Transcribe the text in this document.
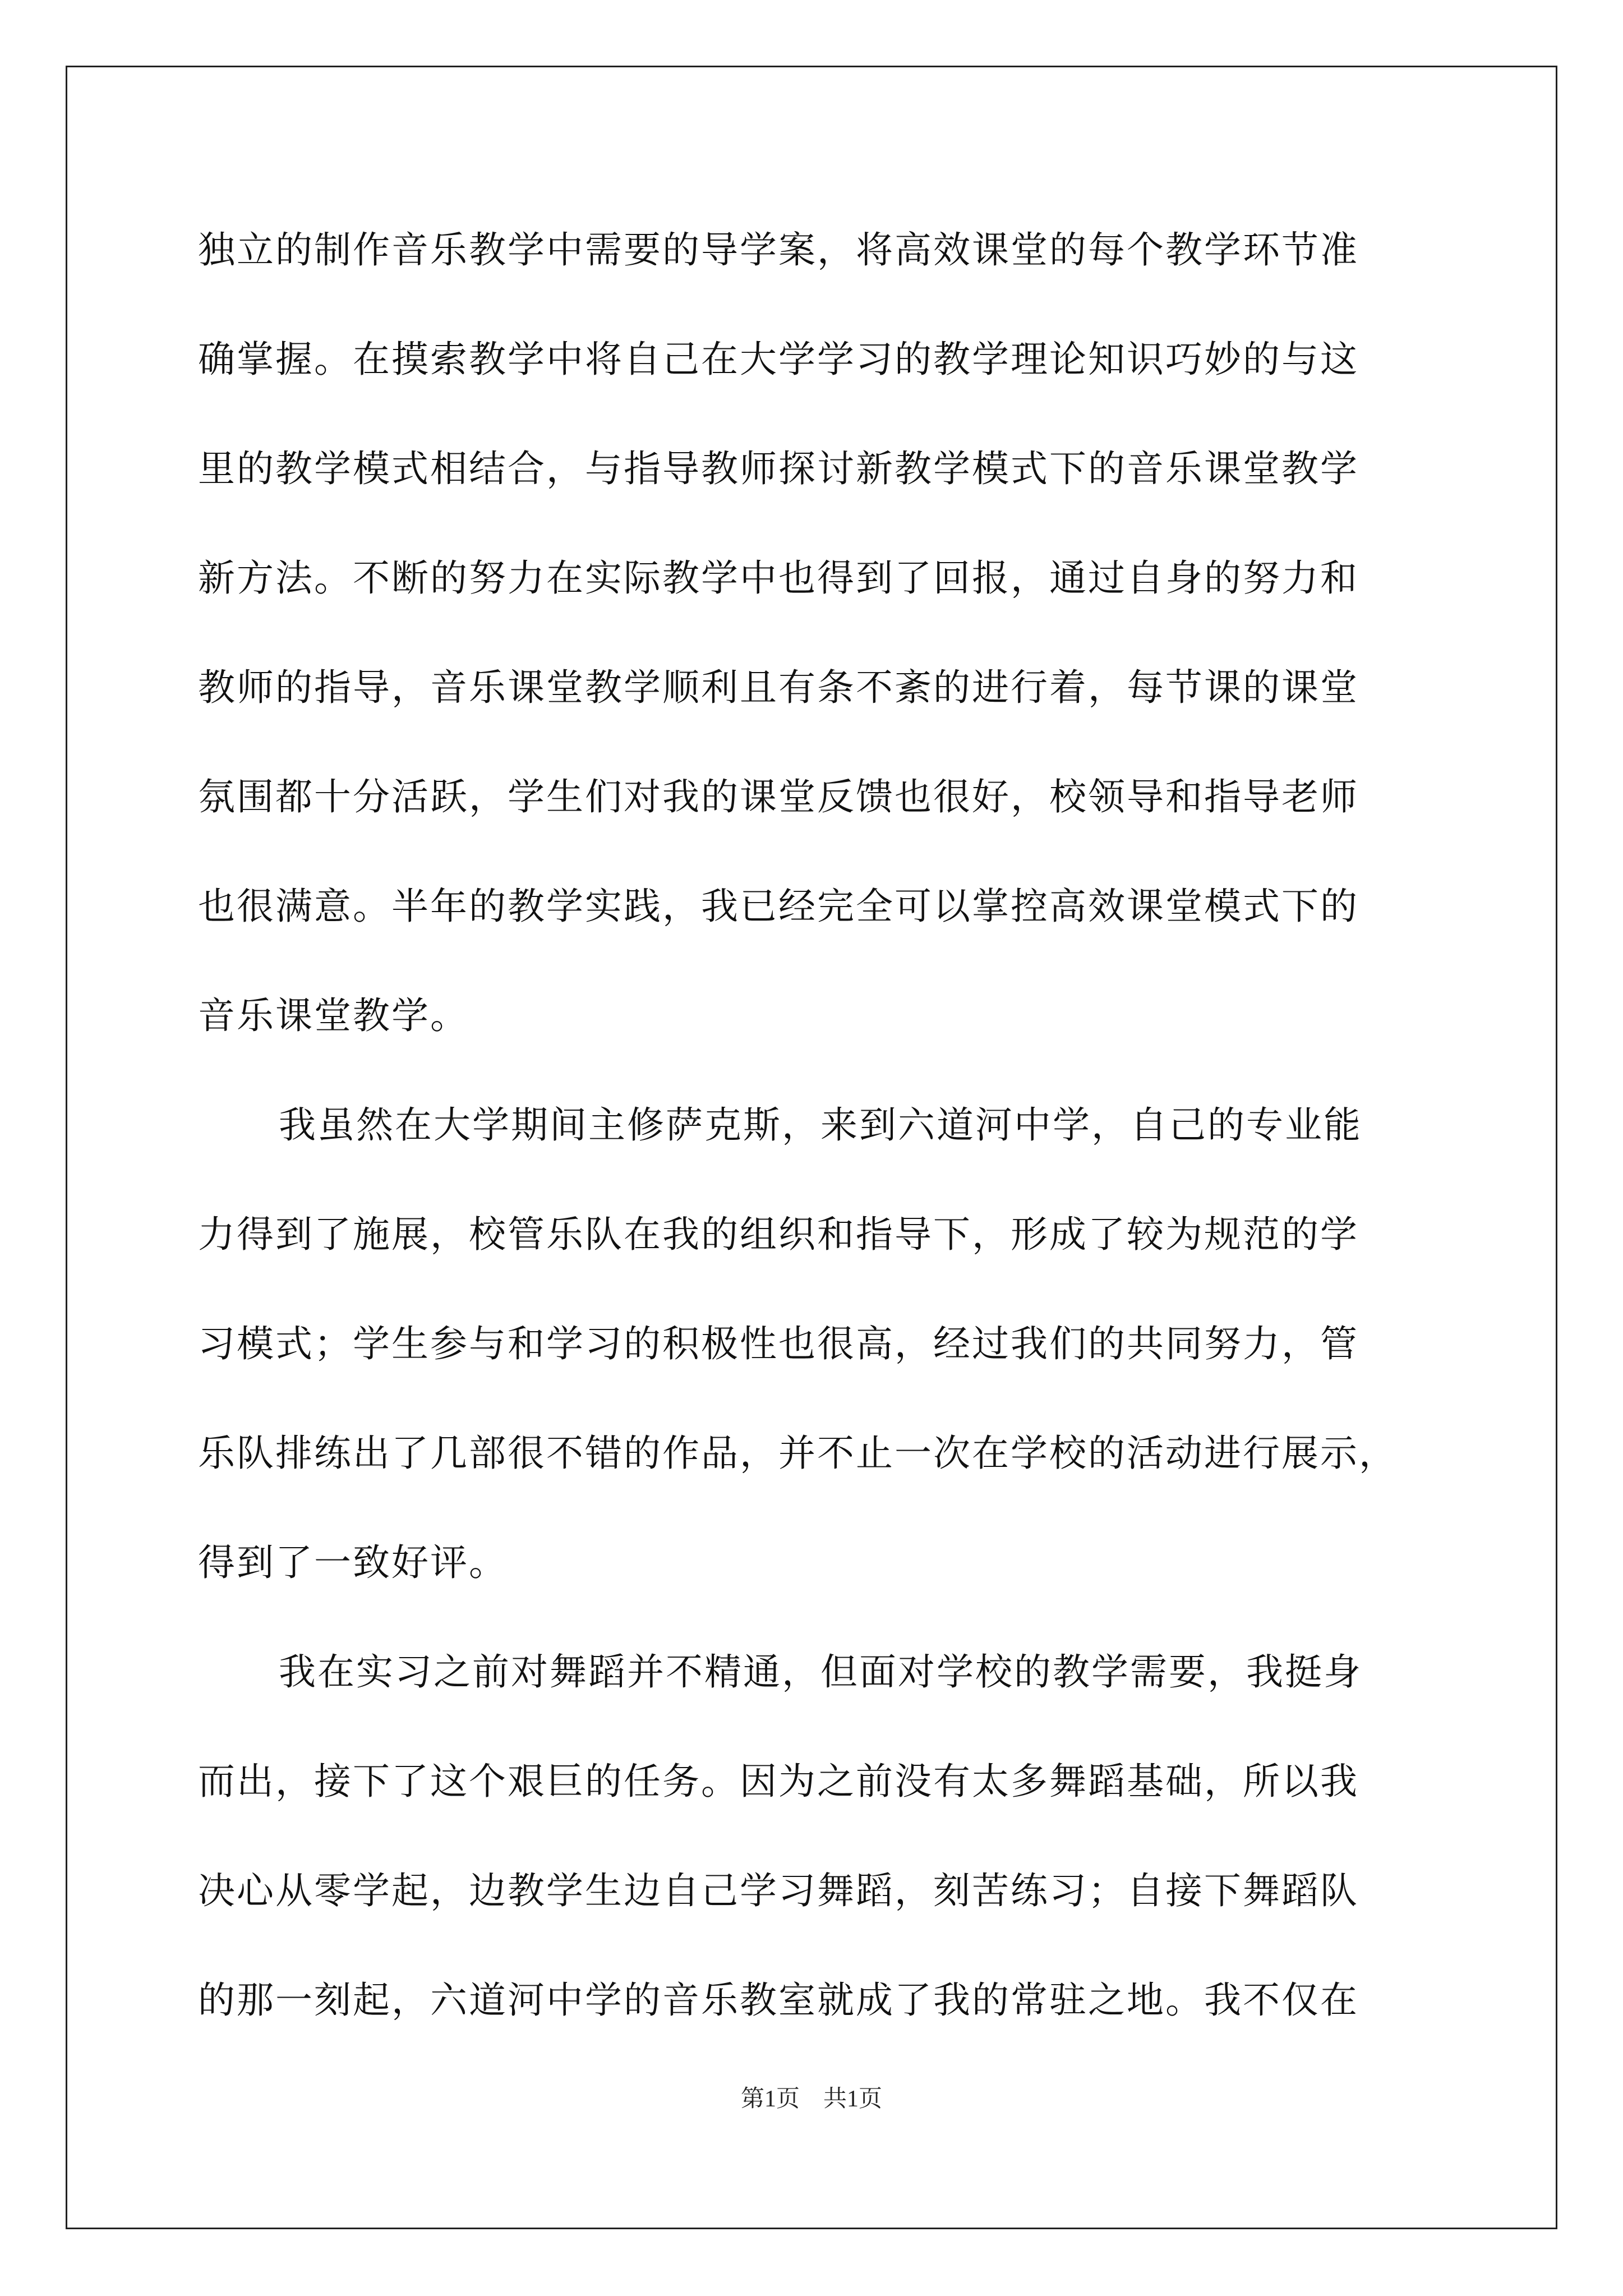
独立的制作音乐教学中需要的导学案，将高效课堂的每个教学环节准

确掌握。在摸索教学中将自己在大学学习的教学理论知识巧妙的与这

里的教学模式相结合，与指导教师探讨新教学模式下的音乐课堂教学

新方法。不断的努力在实际教学中也得到了回报，通过自身的努力和

教师的指导，音乐课堂教学顺利且有条不紊的进行着，每节课的课堂

氛围都十分活跃，学生们对我的课堂反馈也很好，校领导和指导老师

也很满意。半年的教学实践，我已经完全可以掌控高效课堂模式下的

音乐课堂教学。

我虽然在大学期间主修萨克斯，来到六道河中学，自己的专业能

力得到了施展，校管乐队在我的组织和指导下，形成了较为规范的学

习模式；学生参与和学习的积极性也很高，经过我们的共同努力，管

乐队排练出了几部很不错的作品，并不止一次在学校的活动进行展示，

得到了一致好评。

我在实习之前对舞蹈并不精通，但面对学校的教学需要，我挺身

而出，接下了这个艰巨的任务。因为之前没有太多舞蹈基础，所以我

决心从零学起，边教学生边自己学习舞蹈，刻苦练习；自接下舞蹈队

的那一刻起，六道河中学的音乐教室就成了我的常驻之地。我不仅在

第1页　共1页
